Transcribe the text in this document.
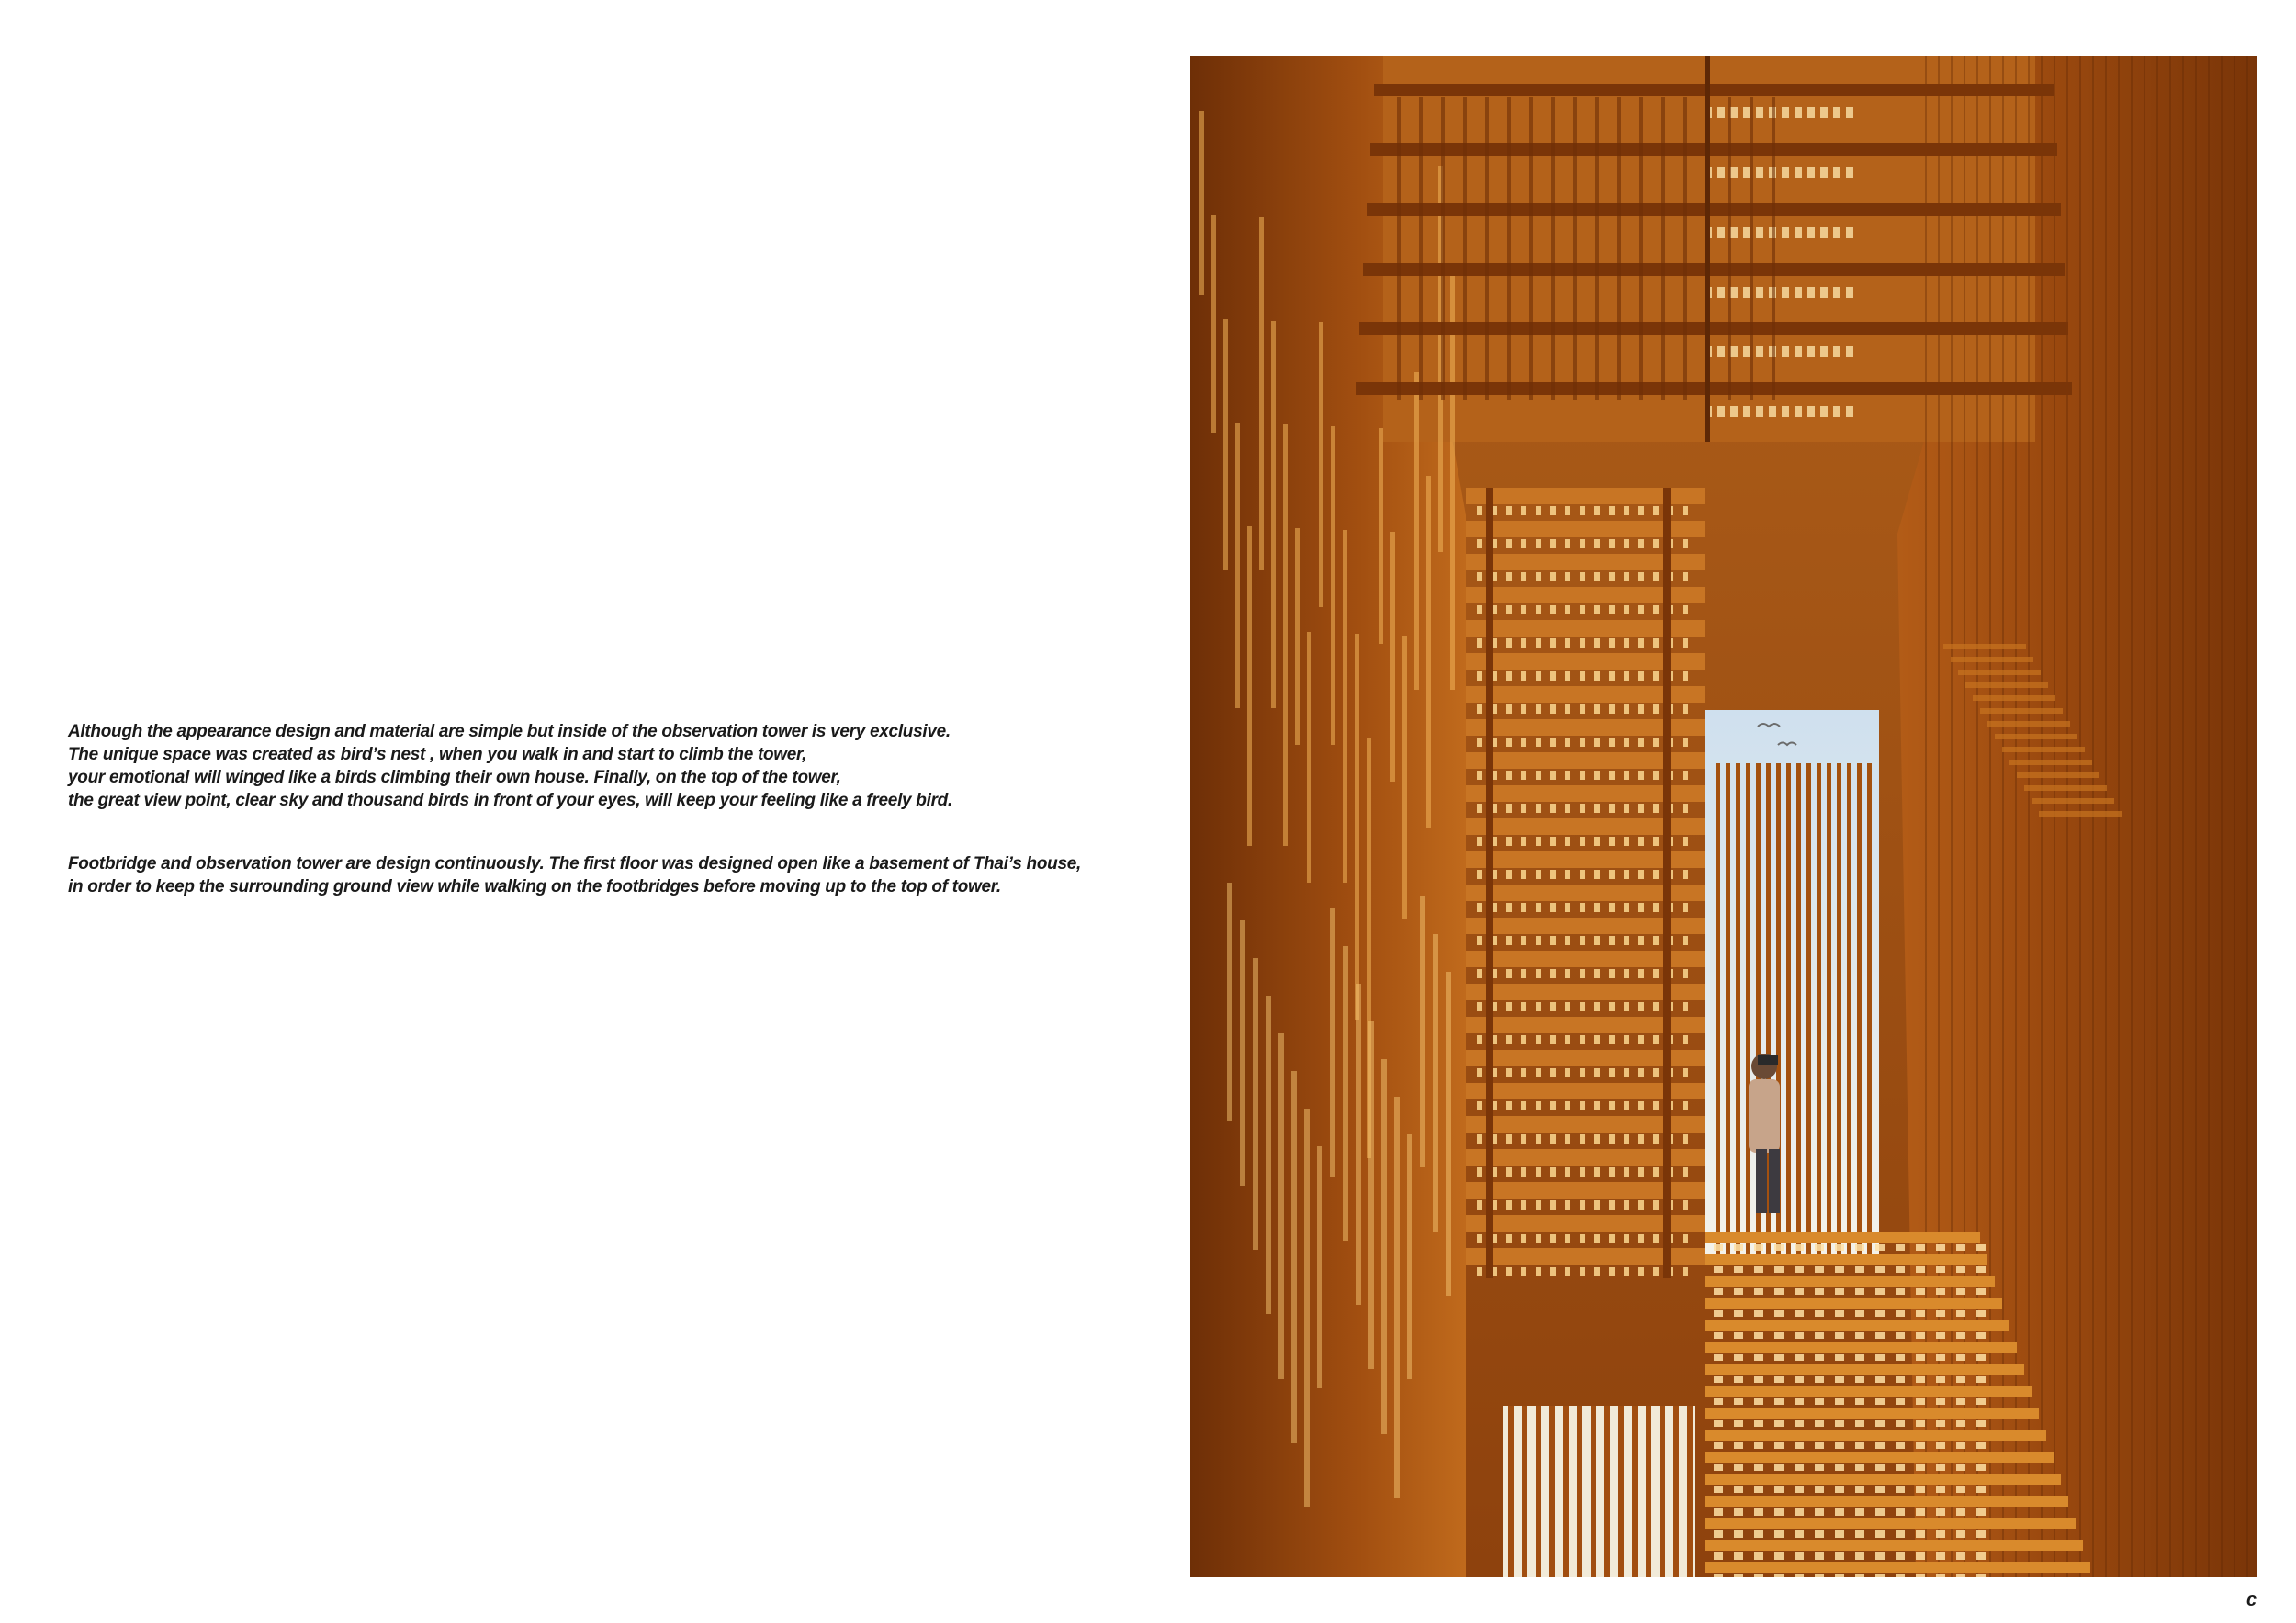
Although the appearance design and material are simple but inside of the observation tower is very exclusive.
The unique space was created as bird’s nest , when you walk in and start to climb the tower,
your emotional will winged like a birds climbing their own house. Finally, on the top of the tower,
the great view point, clear sky and thousand birds in front of your eyes, will keep your feeling like a freely bird.

Footbridge and observation tower are design continuously. The first floor was designed open like a basement of Thai’s house,
in order to keep the surrounding ground view while walking on the footbridges before moving up to the top of tower.

c
